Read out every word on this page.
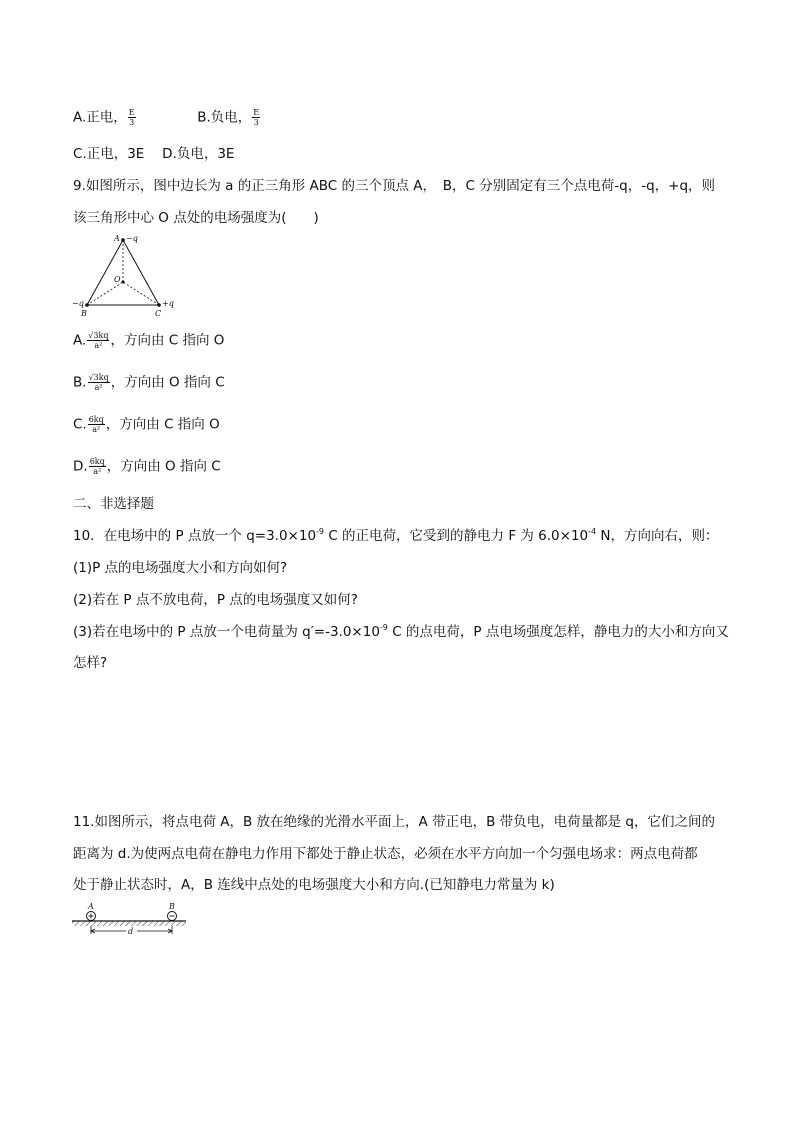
A.正电， $\frac{E}{3}$	B.负电， $\frac{E}{3}$
C.正电，3E　 D.负电，3E
9.如图所示，图中边长为 a 的正三角形 ABC 的三个顶点 A，　B，C 分别固定有三个点电荷-q，-q，+q，则
该三角形中心 O 点处的电场强度为(　　)
A −q
O
−q
B
+q
C
A. $\frac{√3kq}{\text{a²}}$ ，方向由 C 指向 O
B. $\frac{√3kq}{\text{a²}}$ ，方向由 O 指向 C
C. $\frac{6kq}{\text{a²}}$ ，方向由 C 指向 O
D. $\frac{6kq}{\text{a²}}$ ，方向由 O 指向 C
二、非选择题
10．在电场中的 P 点放一个 $q=3.0\times 10^{-9}$ C 的正电荷，它受到的静电力 F 为 $6.0\times 10^{-4}$ N，方向向右，则：
(1)P 点的电场强度大小和方向如何?
(2)若在 P 点不放电荷，P 点的电场强度又如何?
(3)若在电场中的 P 点放一个电荷量为 $q'=-3.0\times 10^{-9}$ C 的点电荷，P 点电场强度怎样，静电力的大小和方向又
怎样?
11.如图所示，将点电荷 A，B 放在绝缘的光滑水平面上，A 带正电，B 带负电，电荷量都是 q，它们之间的
距离为 d.为使两点电荷在静电力作用下都处于静止状态，必须在水平方向加一个匀强电场求：两点电荷都
处于静止状态时，A，B 连线中点处的电场强度大小和方向.(已知静电力常量为 k)
A	B
d
